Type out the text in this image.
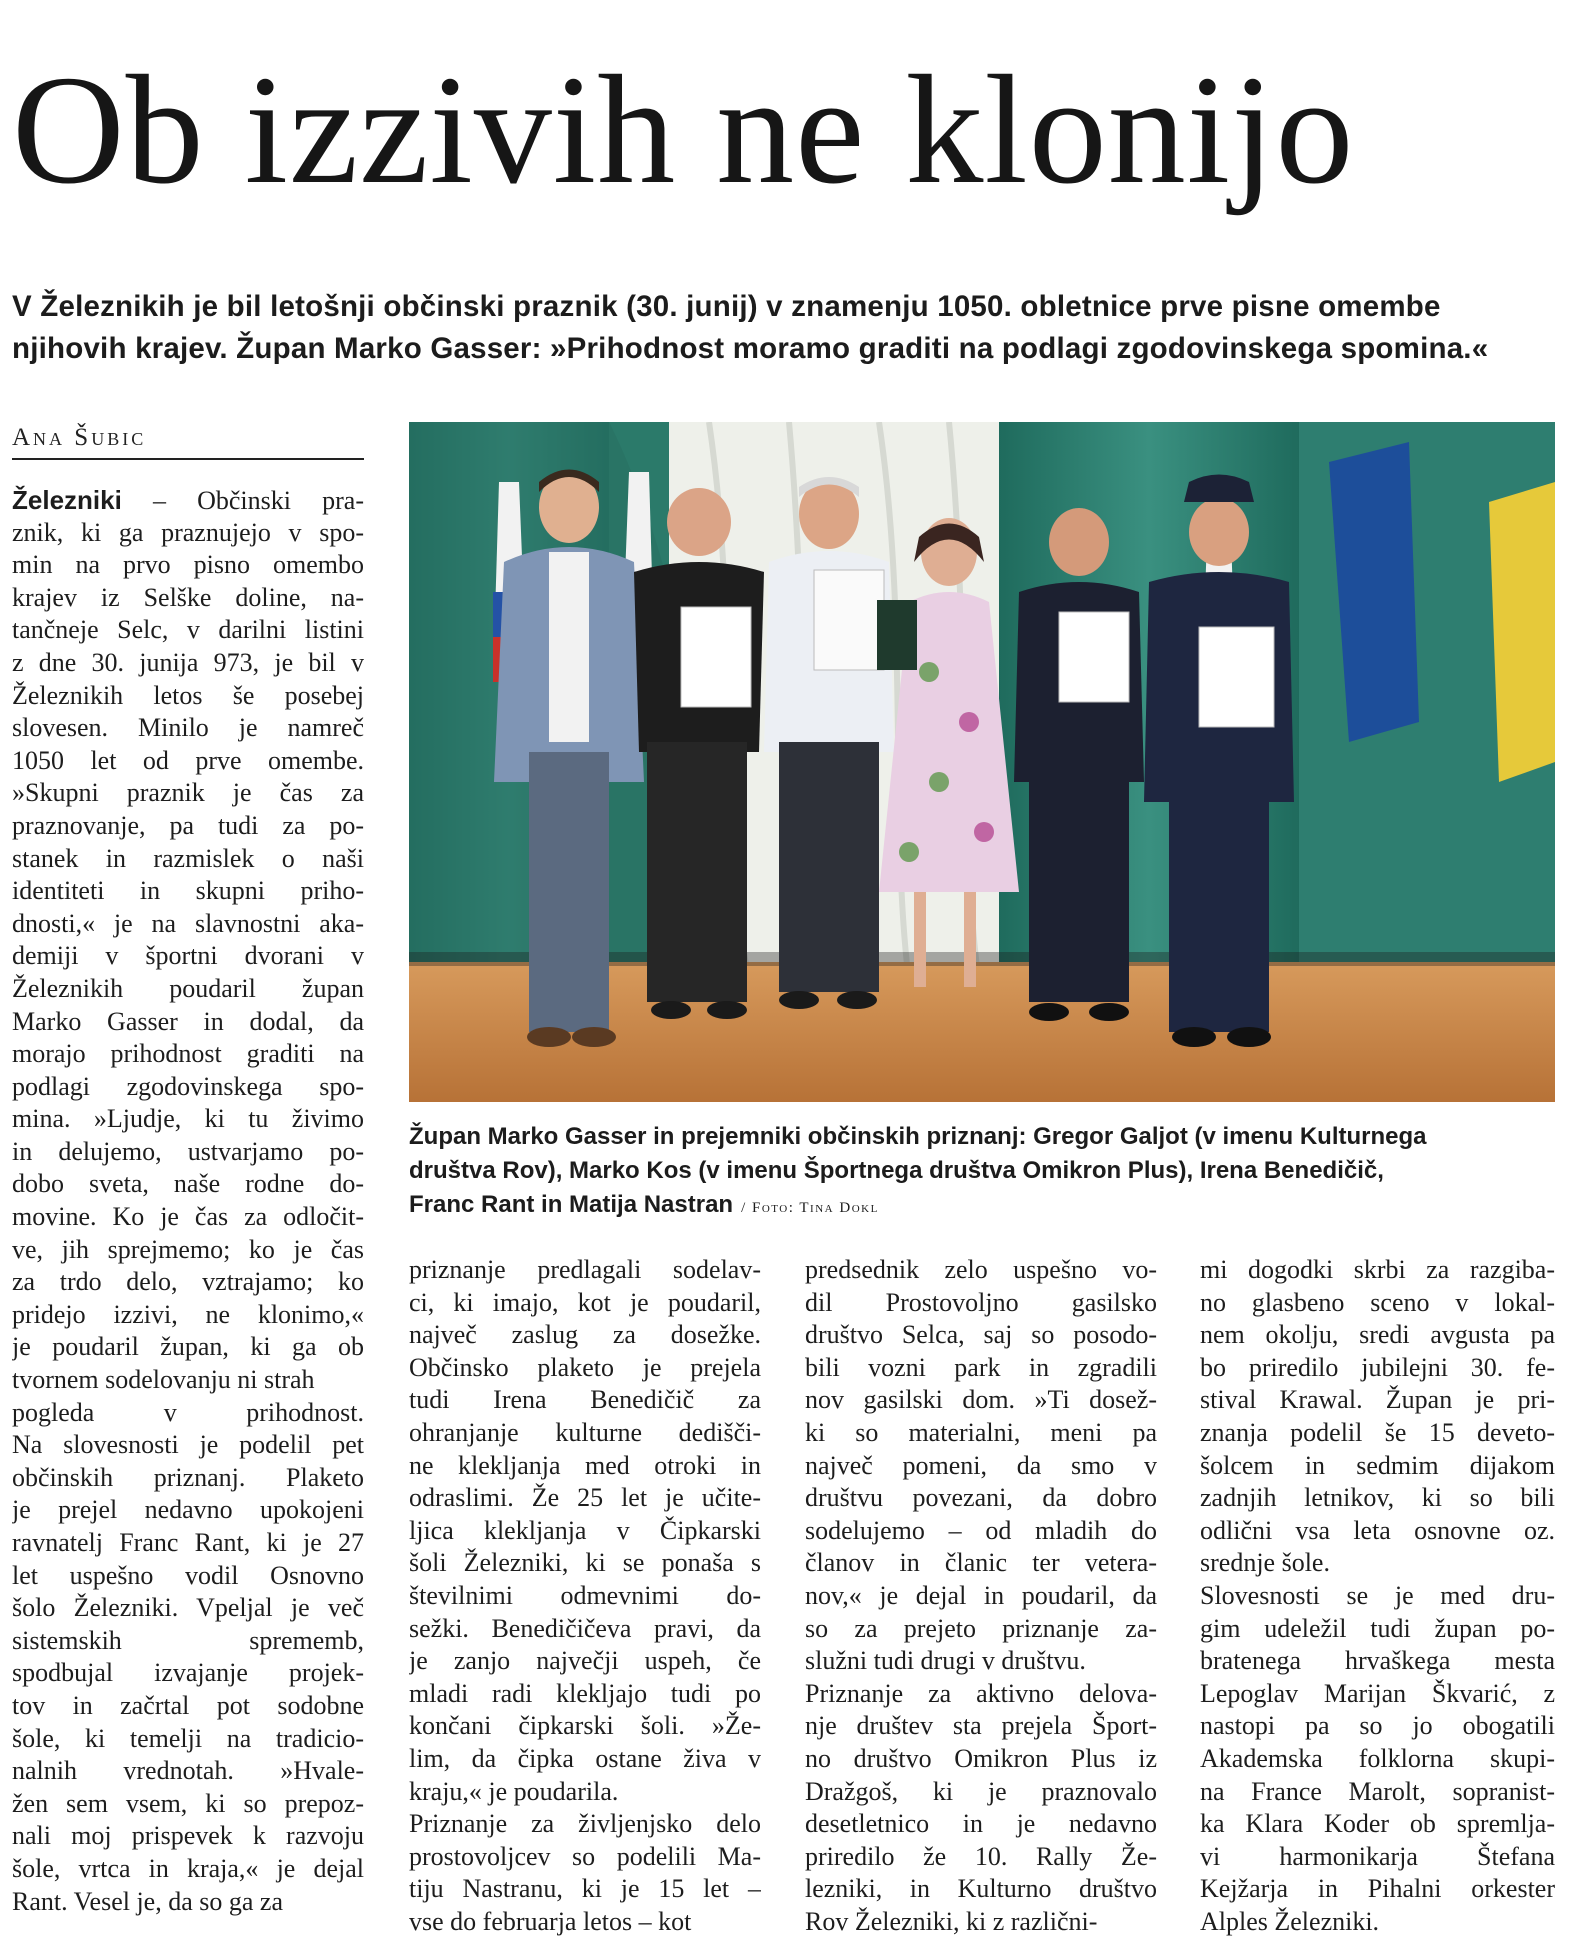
Ob izzivih ne klonijo
V Železnikih je bil letošnji občinski praznik (30. junij) v znamenju 1050. obletnice prve pisne omembe
njihovih krajev. Župan Marko Gasser: »Prihodnost moramo graditi na podlagi zgodovinskega spomina.«
Ana Šubic
Železniki – Občinski pra-
znik, ki ga praznujejo v spo-
min na prvo pisno omembo
krajev iz Selške doline, na-
tančneje Selc, v darilni listini
z dne 30. junija 973, je bil v
Železnikih letos še posebej
slovesen. Minilo je namreč
1050 let od prve omembe.
»Skupni praznik je čas za
praznovanje, pa tudi za po-
stanek in razmislek o naši
identiteti in skupni priho-
dnosti,« je na slavnostni aka-
demiji v športni dvorani v
Železnikih poudaril župan
Marko Gasser in dodal, da
morajo prihodnost graditi na
podlagi zgodovinskega spo-
mina. »Ljudje, ki tu živimo
in delujemo, ustvarjamo po-
dobo sveta, naše rodne do-
movine. Ko je čas za odločit-
ve, jih sprejmemo; ko je čas
za trdo delo, vztrajamo; ko
pridejo izzivi, ne klonimo,«
je poudaril župan, ki ga ob
tvornem sodelovanju ni strah
pogleda v prihodnost.
Na slovesnosti je podelil pet
občinskih priznanj. Plaketo
je prejel nedavno upokojeni
ravnatelj Franc Rant, ki je 27
let uspešno vodil Osnovno
šolo Železniki. Vpeljal je več
sistemskih sprememb,
spodbujal izvajanje projek-
tov in začrtal pot sodobne
šole, ki temelji na tradicio-
nalnih vrednotah. »Hvale-
žen sem vsem, ki so prepoz-
nali moj prispevek k razvoju
šole, vrtca in kraja,« je dejal
Rant. Vesel je, da so ga za
priznanje predlagali sodelav-
ci, ki imajo, kot je poudaril,
največ zaslug za dosežke.
Občinsko plaketo je prejela
tudi Irena Benedičič za
ohranjanje kulturne dedišči-
ne klekljanja med otroki in
odraslimi. Že 25 let je učite-
ljica klekljanja v Čipkarski
šoli Železniki, ki se ponaša s
številnimi odmevnimi do-
sežki. Benedičičeva pravi, da
je zanjo največji uspeh, če
mladi radi klekljajo tudi po
končani čipkarski šoli. »Že-
lim, da čipka ostane živa v
kraju,« je poudarila.
Priznanje za življenjsko delo
prostovoljcev so podelili Ma-
tiju Nastranu, ki je 15 let –
vse do februarja letos – kot
predsednik zelo uspešno vo-
dil Prostovoljno gasilsko
društvo Selca, saj so posodo-
bili vozni park in zgradili
nov gasilski dom. »Ti dosež-
ki so materialni, meni pa
največ pomeni, da smo v
društvu povezani, da dobro
sodelujemo – od mladih do
članov in članic ter vetera-
nov,« je dejal in poudaril, da
so za prejeto priznanje za-
služni tudi drugi v društvu.
Priznanje za aktivno delova-
nje društev sta prejela Šport-
no društvo Omikron Plus iz
Dražgoš, ki je praznovalo
desetletnico in je nedavno
priredilo že 10. Rally Že-
lezniki, in Kulturno društvo
Rov Železniki, ki z različni-
mi dogodki skrbi za razgiba-
no glasbeno sceno v lokal-
nem okolju, sredi avgusta pa
bo priredilo jubilejni 30. fe-
stival Krawal. Župan je pri-
znanja podelil še 15 deveto-
šolcem in sedmim dijakom
zadnjih letnikov, ki so bili
odlični vsa leta osnovne oz.
srednje šole.
Slovesnosti se je med dru-
gim udeležil tudi župan po-
bratenega hrvaškega mesta
Lepoglav Marijan Škvarić, z
nastopi pa so jo obogatili
Akademska folklorna skupi-
na France Marolt, sopranist-
ka Klara Koder ob spremlja-
vi harmonikarja Štefana
Kejžarja in Pihalni orkester
Alples Železniki.
Župan Marko Gasser in prejemniki občinskih priznanj: Gregor Galjot (v imenu Kulturnega
društva Rov), Marko Kos (v imenu Športnega društva Omikron Plus), Irena Benedičič,
Franc Rant in Matija Nastran / Foto: Tina Dokl
